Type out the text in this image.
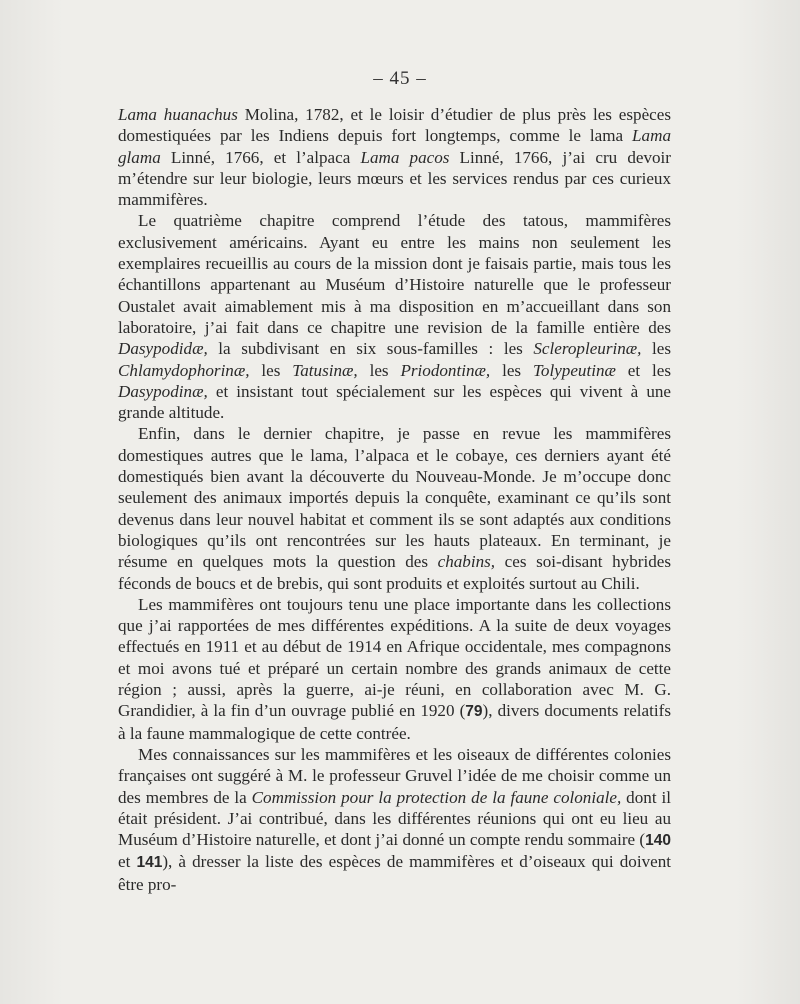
– 45 –

Lama huanachus Molina, 1782, et le loisir d’étudier de plus près les espèces domestiquées par les Indiens depuis fort longtemps, comme le lama Lama glama Linné, 1766, et l’alpaca Lama pacos Linné, 1766, j’ai cru devoir m’étendre sur leur biologie, leurs mœurs et les services rendus par ces curieux mammifères.

Le quatrième chapitre comprend l’étude des tatous, mammifères exclusivement américains. Ayant eu entre les mains non seulement les exemplaires recueillis au cours de la mission dont je faisais partie, mais tous les échantillons appartenant au Muséum d’Histoire naturelle que le professeur Oustalet avait aimablement mis à ma disposition en m’accueillant dans son laboratoire, j’ai fait dans ce chapitre une revision de la famille entière des Dasypodidæ, la subdivisant en six sous-familles : les Scleropleurinæ, les Chlamydophorinæ, les Tatusinæ, les Priodontinæ, les Tolypeutinæ et les Dasypodinæ, et insistant tout spécialement sur les espèces qui vivent à une grande altitude.

Enfin, dans le dernier chapitre, je passe en revue les mammifères domestiques autres que le lama, l’alpaca et le cobaye, ces derniers ayant été domestiqués bien avant la découverte du Nouveau-Monde. Je m’occupe donc seulement des animaux importés depuis la conquête, examinant ce qu’ils sont devenus dans leur nouvel habitat et comment ils se sont adaptés aux conditions biologiques qu’ils ont rencontrées sur les hauts plateaux. En terminant, je résume en quelques mots la question des chabins, ces soi-disant hybrides féconds de boucs et de brebis, qui sont produits et exploités surtout au Chili.

Les mammifères ont toujours tenu une place importante dans les collections que j’ai rapportées de mes différentes expéditions. A la suite de deux voyages effectués en 1911 et au début de 1914 en Afrique occidentale, mes compagnons et moi avons tué et préparé un certain nombre des grands animaux de cette région ; aussi, après la guerre, ai-je réuni, en collaboration avec M. G. Grandidier, à la fin d’un ouvrage publié en 1920 (79), divers documents relatifs à la faune mammalogique de cette contrée.

Mes connaissances sur les mammifères et les oiseaux de différentes colonies françaises ont suggéré à M. le professeur Gruvel l’idée de me choisir comme un des membres de la Commission pour la protection de la faune coloniale, dont il était président. J’ai contribué, dans les différentes réunions qui ont eu lieu au Muséum d’Histoire naturelle, et dont j’ai donné un compte rendu sommaire (140 et 141), à dresser la liste des espèces de mammifères et d’oiseaux qui doivent être pro-
